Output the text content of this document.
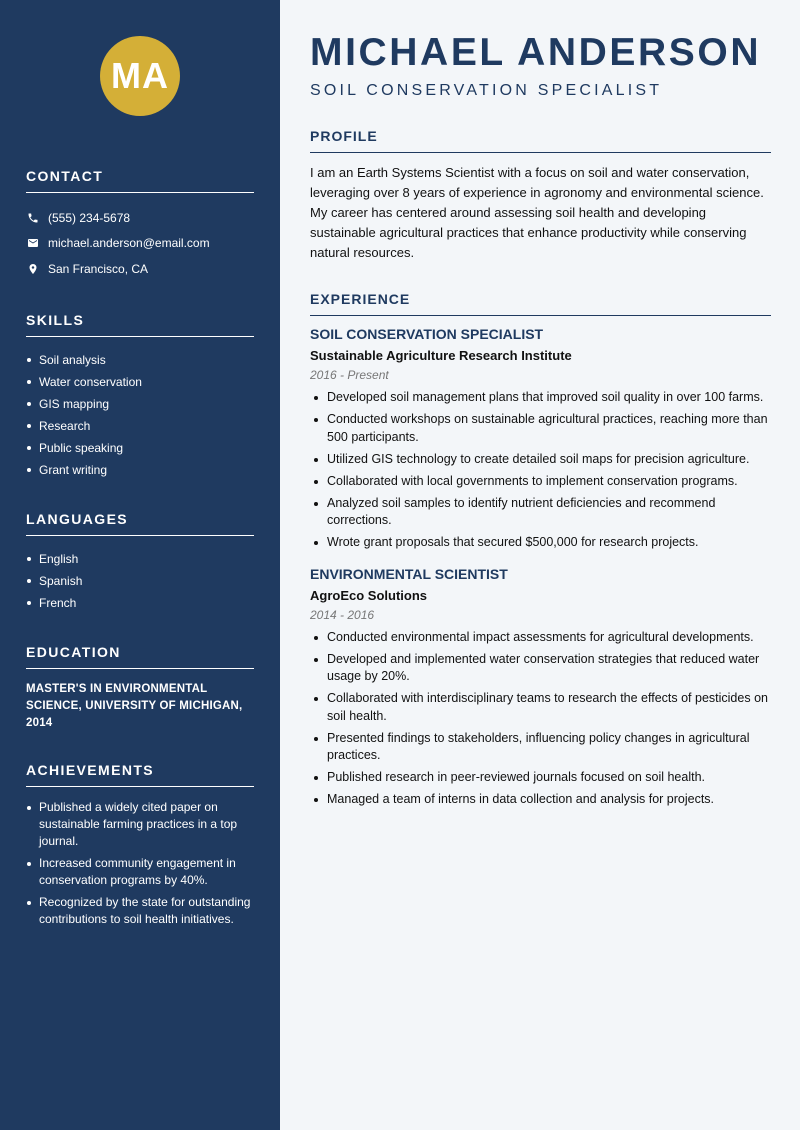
MA
CONTACT
(555) 234-5678
michael.anderson@email.com
San Francisco, CA
SKILLS
Soil analysis
Water conservation
GIS mapping
Research
Public speaking
Grant writing
LANGUAGES
English
Spanish
French
EDUCATION
MASTER'S IN ENVIRONMENTAL SCIENCE, UNIVERSITY OF MICHIGAN, 2014
ACHIEVEMENTS
Published a widely cited paper on sustainable farming practices in a top journal.
Increased community engagement in conservation programs by 40%.
Recognized by the state for outstanding contributions to soil health initiatives.
MICHAEL ANDERSON
SOIL CONSERVATION SPECIALIST
PROFILE

I am an Earth Systems Scientist with a focus on soil and water conservation, leveraging over 8 years of experience in agronomy and environmental science. My career has centered around assessing soil health and developing sustainable agricultural practices that enhance productivity while conserving natural resources.

EXPERIENCE
SOIL CONSERVATION SPECIALIST
Sustainable Agriculture Research Institute
2016 - Present
Developed soil management plans that improved soil quality in over 100 farms.
Conducted workshops on sustainable agricultural practices, reaching more than 500 participants.
Utilized GIS technology to create detailed soil maps for precision agriculture.
Collaborated with local governments to implement conservation programs.
Analyzed soil samples to identify nutrient deficiencies and recommend corrections.
Wrote grant proposals that secured $500,000 for research projects.
ENVIRONMENTAL SCIENTIST
AgroEco Solutions
2014 - 2016
Conducted environmental impact assessments for agricultural developments.
Developed and implemented water conservation strategies that reduced water usage by 20%.
Collaborated with interdisciplinary teams to research the effects of pesticides on soil health.
Presented findings to stakeholders, influencing policy changes in agricultural practices.
Published research in peer-reviewed journals focused on soil health.
Managed a team of interns in data collection and analysis for projects.
